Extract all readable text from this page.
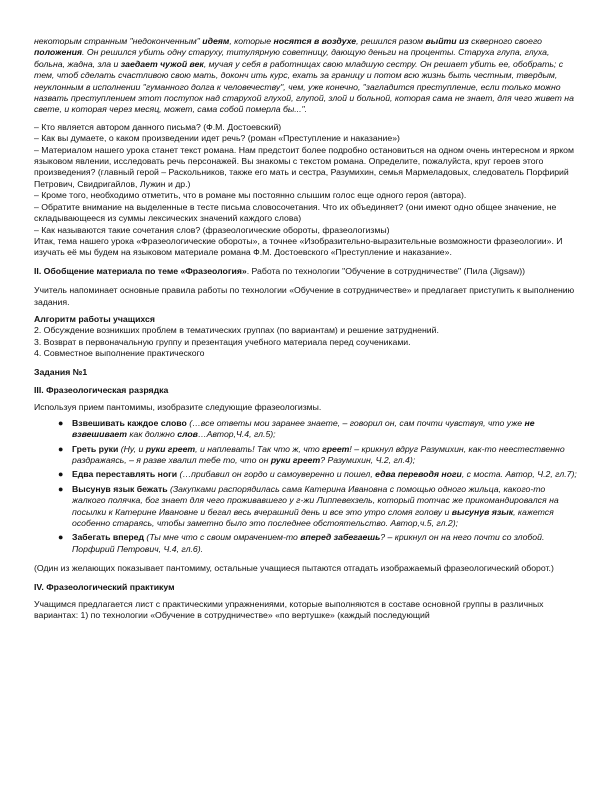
некоторым странным "недоконченным" идеям, которые носятся в воздухе, решился разом выйти из скверного своего положения. Он решился убить одну старуху, титулярную советницу, дающую деньги на проценты. Старуха глупа, глуха, больна, жадна, зла и заедает чужой век, мучая у себя в работницах свою младшую сестру. Он решает убить ее, обобрать; с тем, чтоб сделать счастливою свою мать, доконч ить курс, ехать за границу и потом всю жизнь быть честным, твердым, неуклонным в исполнении "гуманного долга к человечеству", чем, уже конечно, "загладится преступление, если только можно назвать преступлением этот поступок над старухой глухой, глупой, злой и больной, которая сама не знает, для чего живет на свете, и которая через месяц, может, сама собой померла бы...".

– Кто является автором данного письма? (Ф.М. Достоевский)

– Как вы думаете, о каком произведении идет речь? (роман «Преступление и наказание»)

– Материалом нашего урока станет текст романа. Нам предстоит более подробно остановиться на одном очень интересном и ярком языковом явлении, исследовать речь персонажей. Вы знакомы с текстом романа. Определите, пожалуйста, круг героев этого произведения? (главный герой – Раскольников, также его мать и сестра, Разумихин, семья Мармеладовых, следователь Порфирий Петрович, Свидригайлов, Лужин и др.)

– Кроме того, необходимо отметить, что в романе мы постоянно слышим голос еще одного героя (автора).

– Обратите внимание на выделенные в тесте письма словосочетания. Что их объединяет? (они имеют одно общее значение, не складывающееся из суммы лексических значений каждого слова)

– Как называются такие сочетания слов? (фразеологические обороты, фразеологизмы)

Итак, тема нашего урока «Фразеологические обороты», а точнее «Изобразительно-выразительные возможности фразеологии». И изучать её мы будем на языковом материале романа Ф.М. Достоевского «Преступление и наказание».

II. Обобщение материала по теме «Фразеология». Работа по технологии "Обучение в сотрудничестве" (Пила (Jigsaw))

Учитель напоминает основные правила работы по технологии «Обучение в сотрудничестве» и предлагает приступить к выполнению задания.

Алгоритм работы учащихся

2. Обсуждение возникших проблем в тематических группах (по вариантам) и решение затруднений.

3. Возврат в первоначальную группу и презентация учебного материала перед соучениками.

4. Совместное выполнение практического

Задания №1

III. Фразеологическая разрядка

Используя прием пантомимы, изобразите следующие фразеологизмы.

● Взвешивать каждое слово (…все ответы мои заранее знаете, – говорил он, сам почти чувствуя, что уже не взвешивает как должно слов…Автор,Ч.4, гл.5);
● Греть руки (Ну, и руки греет, и наплевать! Так что ж, что греет! – крикнул вдруг Разумихин, как-то неестественно раздражаясь, – я разве хвалил тебе то, что он руки греет? Разумихин, Ч.2, гл.4);
● Едва переставлять ноги (…прибавил он гордо и самоуверенно и пошел, едва переводя ноги, с моста. Автор, Ч.2, гл.7);
● Высунув язык бежать (Закупками распорядилась сама Катерина Ивановна с помощью одного жильца, какого-то жалкого полячка, бог знает для чего проживавшего у г-жи Липпевехзель, который тотчас же прикомандировался на посылки к Катерине Ивановне и бегал весь вчерашний день и все это утро сломя голову и высунув язык, кажется особенно стараясь, чтобы заметно было это последнее обстоятельство. Автор,ч.5, гл.2);
● Забегать вперед (Ты мне что с своим омрачением-то вперед забегаешь? – крикнул он на него почти со злобой. Порфирий Петрович, Ч.4, гл.6).

(Один из желающих показывает пантомиму, остальные учащиеся пытаются отгадать изображаемый фразеологический оборот.)

IV. Фразеологический практикум

Учащимся предлагается лист с практическими упражнениями, которые выполняются в составе основной группы в различных вариантах: 1) по технологии «Обучение в сотрудничестве» «по вертушке» (каждый последующий
